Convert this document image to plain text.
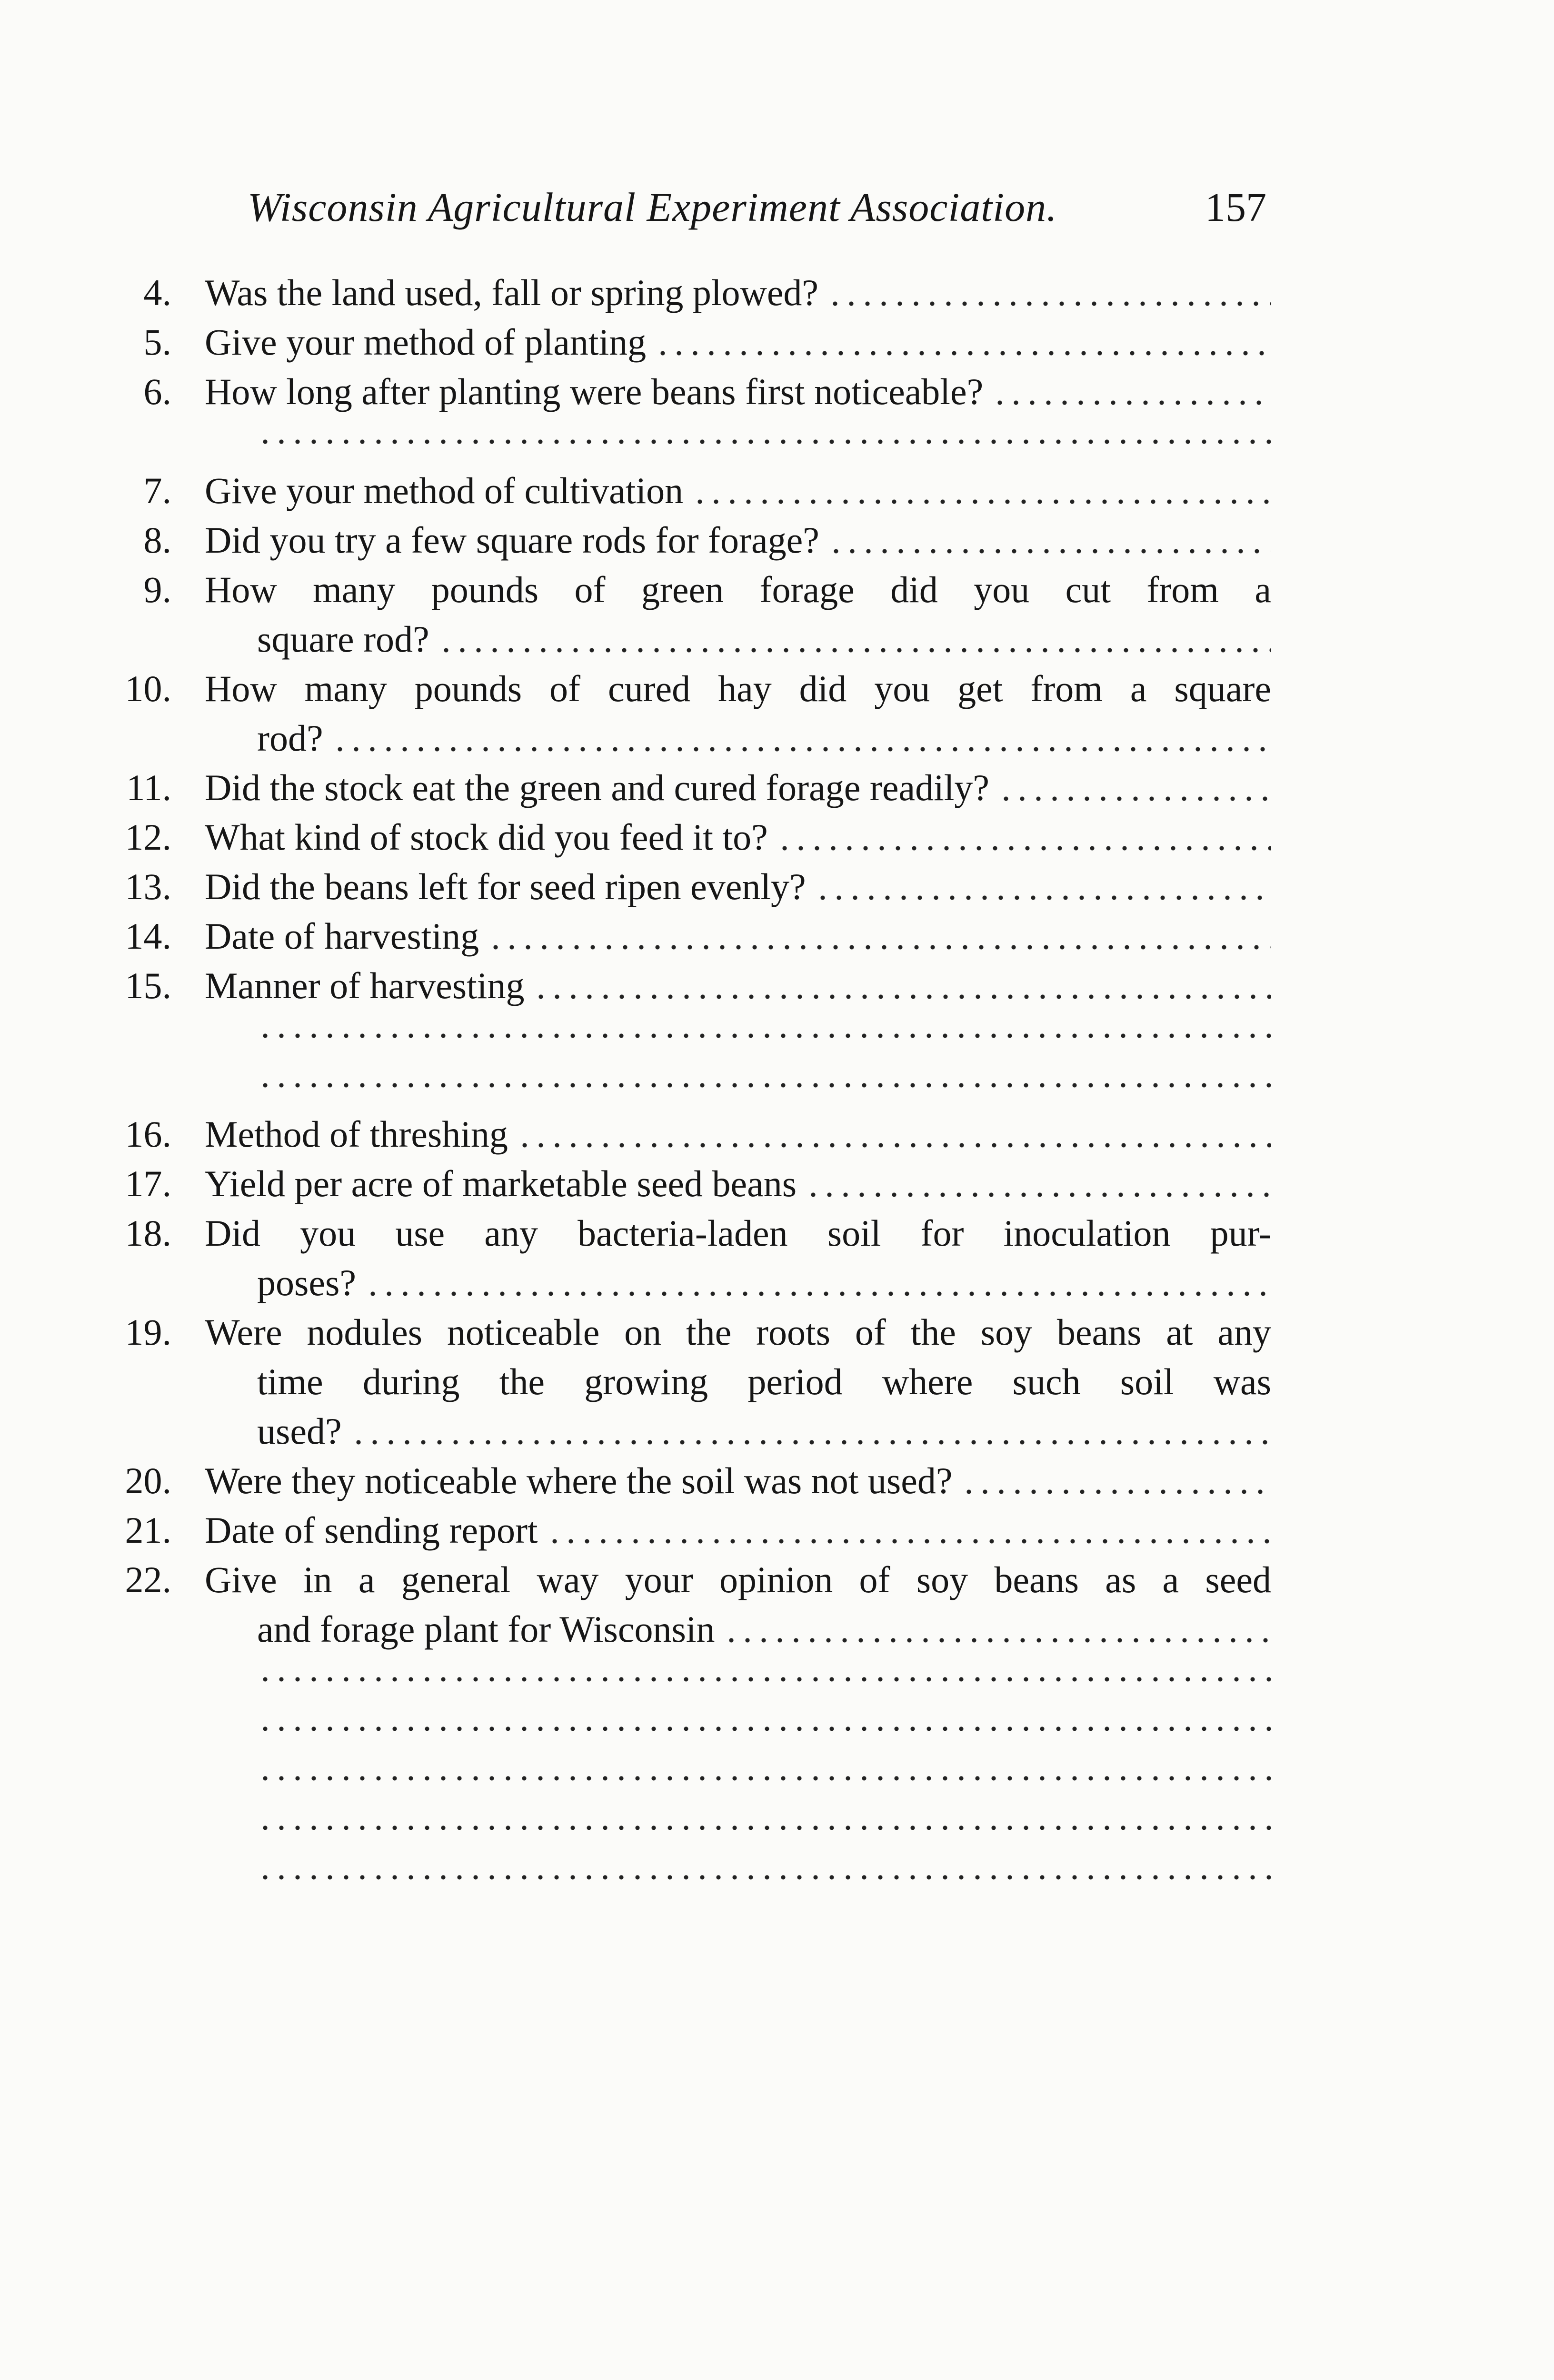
Wisconsin Agricultural Experiment Association.	157
4. Was the land used, fall or spring plowed?
5. Give your method of planting
6. How long after planting were beans first noticeable?
7. Give your method of cultivation
8. Did you try a few square rods for forage?
9. How many pounds of green forage did you cut from a
square rod?
10. How many pounds of cured hay did you get from a square
rod?
11. Did the stock eat the green and cured forage readily?
12. What kind of stock did you feed it to?
13. Did the beans left for seed ripen evenly?
14. Date of harvesting
15. Manner of harvesting
16. Method of threshing
17. Yield per acre of marketable seed beans
18. Did you use any bacteria-laden soil for inoculation pur-
poses?
19. Were nodules noticeable on the roots of the soy beans at any
time during the growing period where such soil was
used?
20. Were they noticeable where the soil was not used?
21. Date of sending report
22. Give in a general way your opinion of soy beans as a seed
and forage plant for Wisconsin
